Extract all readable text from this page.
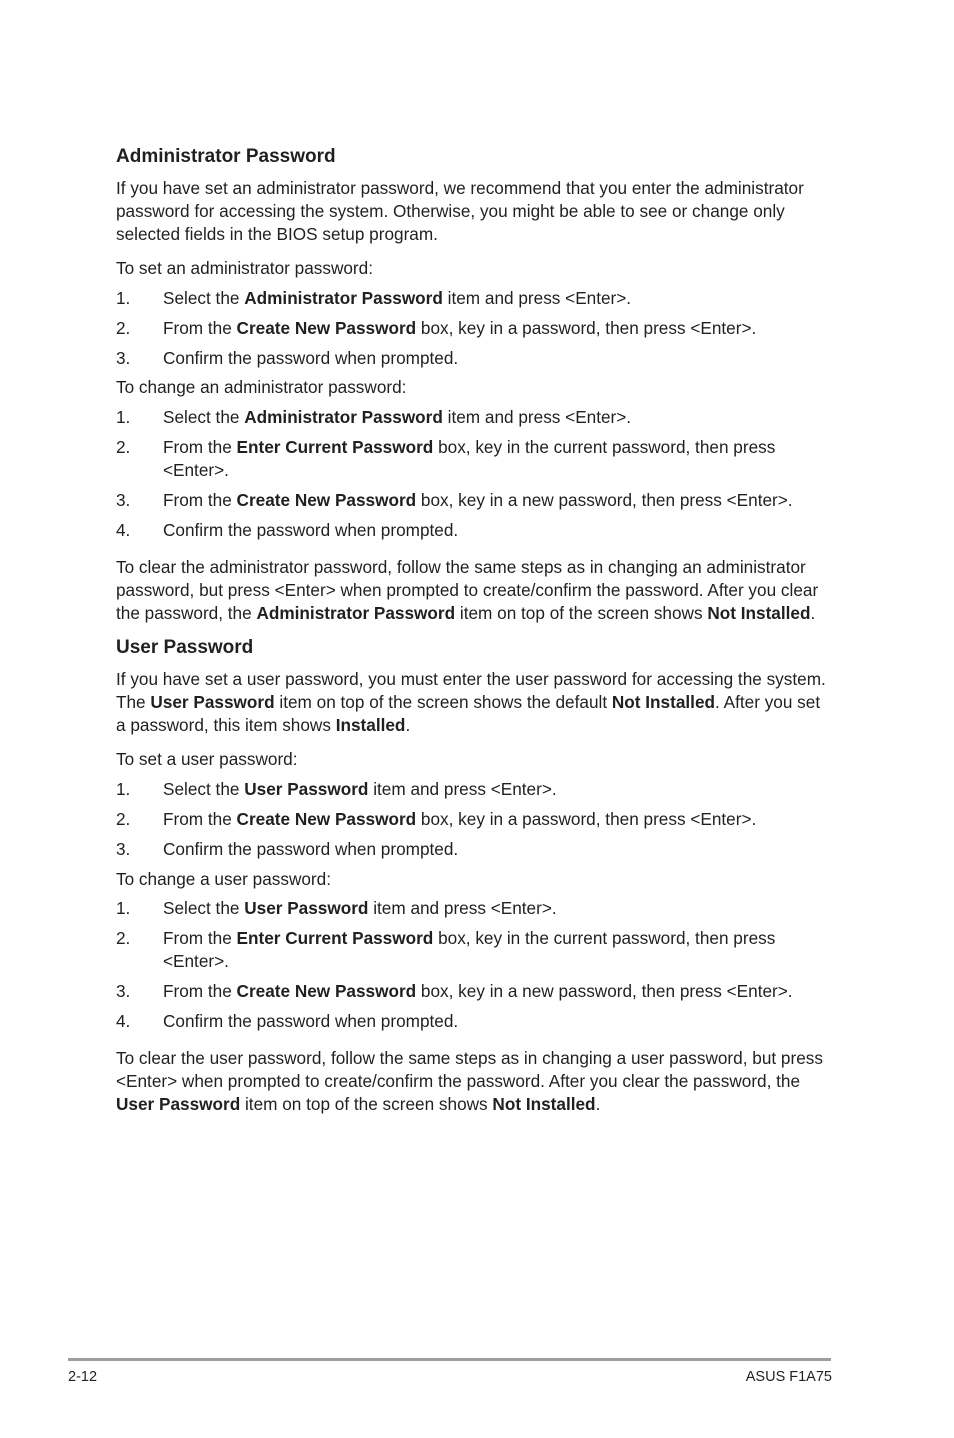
Administrator Password
If you have set an administrator password, we recommend that you enter the administrator
password for accessing the system. Otherwise, you might be able to see or change only
selected fields in the BIOS setup program.
To set an administrator password:
1. Select the Administrator Password item and press <Enter>.
2. From the Create New Password box, key in a password, then press <Enter>.
3. Confirm the password when prompted.
To change an administrator password:
1. Select the Administrator Password item and press <Enter>.
2. From the Enter Current Password box, key in the current password, then press
<Enter>.
3. From the Create New Password box, key in a new password, then press <Enter>.
4. Confirm the password when prompted.
To clear the administrator password, follow the same steps as in changing an administrator
password, but press <Enter> when prompted to create/confirm the password. After you clear
the password, the Administrator Password item on top of the screen shows Not Installed.
User Password
If you have set a user password, you must enter the user password for accessing the system.
The User Password item on top of the screen shows the default Not Installed. After you set
a password, this item shows Installed.
To set a user password:
1. Select the User Password item and press <Enter>.
2. From the Create New Password box, key in a password, then press <Enter>.
3. Confirm the password when prompted.
To change a user password:
1. Select the User Password item and press <Enter>.
2. From the Enter Current Password box, key in the current password, then press
<Enter>.
3. From the Create New Password box, key in a new password, then press <Enter>.
4. Confirm the password when prompted.
To clear the user password, follow the same steps as in changing a user password, but press
<Enter> when prompted to create/confirm the password. After you clear the password, the
User Password item on top of the screen shows Not Installed.
2-12	ASUS F1A75
